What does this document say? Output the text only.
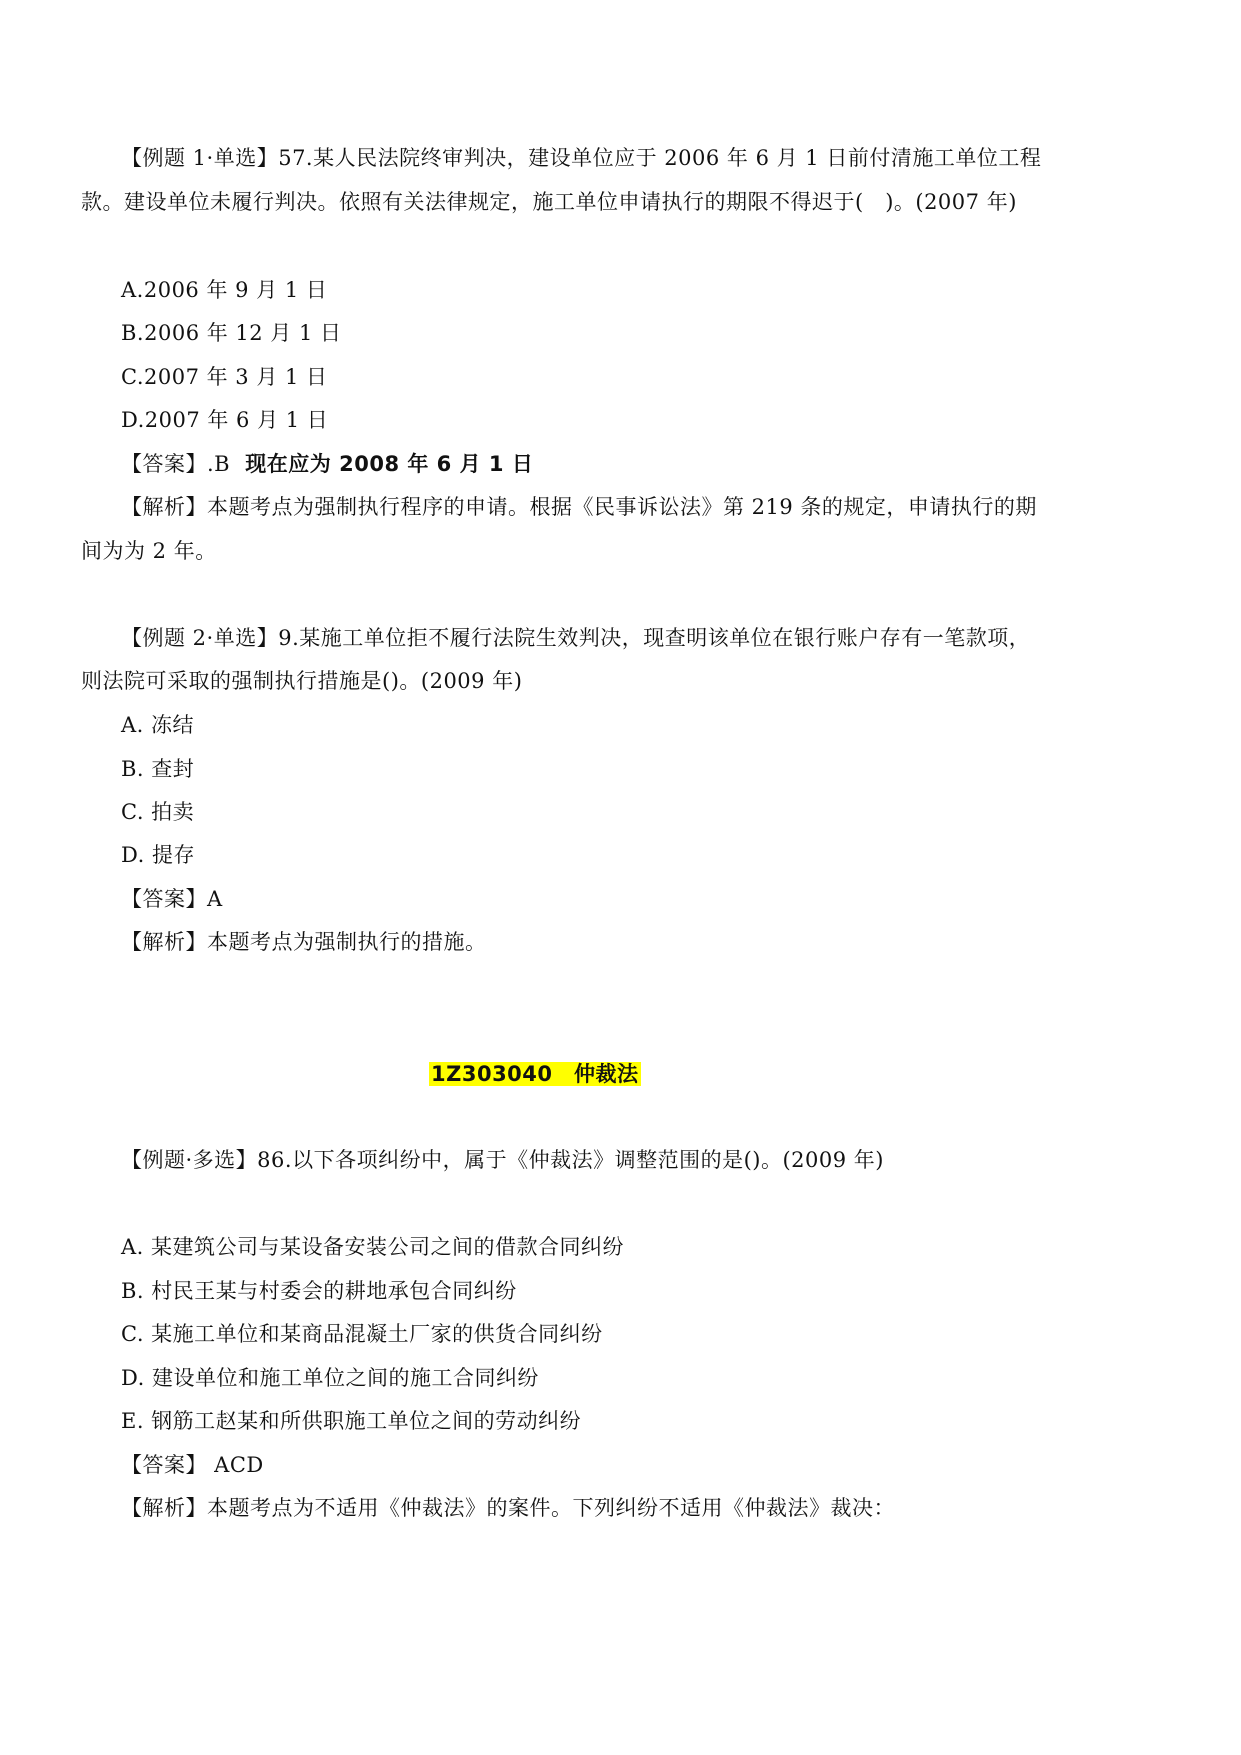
【例题 1·单选】57.某人民法院终审判决，建设单位应于 2006 年 6 月 1 日前付清施工单位工程
款。建设单位未履行判决。依照有关法律规定，施工单位申请执行的期限不得迟于(　)。(2007 年)
A.2006 年 9 月 1 日
B.2006 年 12 月 1 日
C.2007 年 3 月 1 日
D.2007 年 6 月 1 日
【答案】.B 现在应为 2008 年 6 月 1 日
【解析】本题考点为强制执行程序的申请。根据《民事诉讼法》第 219 条的规定，申请执行的期
间为为 2 年。
【例题 2·单选】9.某施工单位拒不履行法院生效判决，现查明该单位在银行账户存有一笔款项，
则法院可采取的强制执行措施是()。(2009 年)
A. 冻结
B. 查封
C. 拍卖
D. 提存
【答案】A
【解析】本题考点为强制执行的措施。
1Z303040　仲裁法
【例题·多选】86.以下各项纠纷中，属于《仲裁法》调整范围的是()。(2009 年)
A. 某建筑公司与某设备安装公司之间的借款合同纠纷
B. 村民王某与村委会的耕地承包合同纠纷
C. 某施工单位和某商品混凝土厂家的供货合同纠纷
D. 建设单位和施工单位之间的施工合同纠纷
E. 钢筋工赵某和所供职施工单位之间的劳动纠纷
【答案】 ACD
【解析】本题考点为不适用《仲裁法》的案件。下列纠纷不适用《仲裁法》裁决：
